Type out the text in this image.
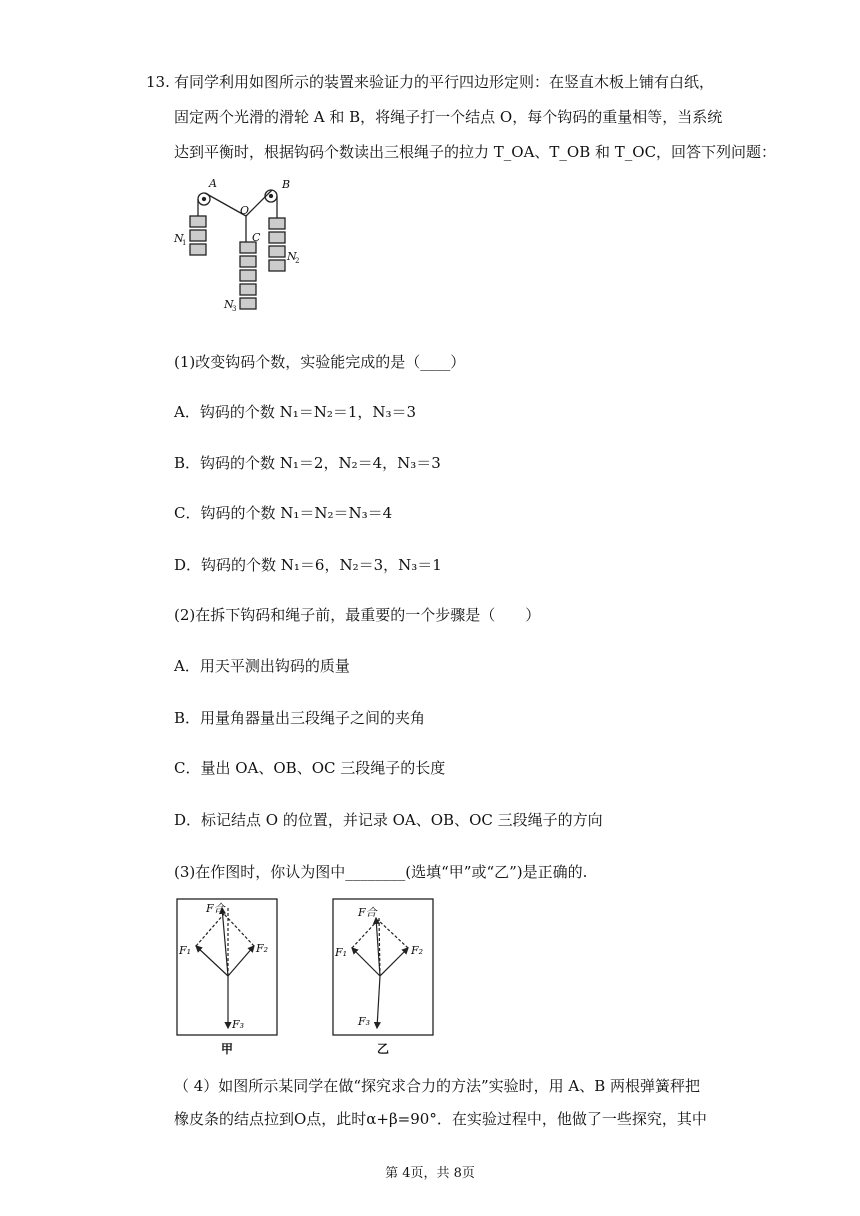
13. 有同学利用如图所示的装置来验证力的平行四边形定则：在竖直木板上铺有白纸，
固定两个光滑的滑轮 A 和 B，将绳子打一个结点 O，每个钩码的重量相等，当系统
达到平衡时，根据钩码个数读出三根绳子的拉力 T_OA、T_OB 和 T_OC，回答下列问题：
A	B
O
C
N
1
N
2
N
3
(1)改变钩码个数，实验能完成的是（____）
A．钩码的个数 N₁＝N₂＝1，N₃＝3
B．钩码的个数 N₁＝2，N₂＝4，N₃＝3
C．钩码的个数 N₁＝N₂＝N₃＝4
D．钩码的个数 N₁＝6，N₂＝3，N₃＝1
(2)在拆下钩码和绳子前，最重要的一个步骤是（　　）
A．用天平测出钩码的质量
B．用量角器量出三段绳子之间的夹角
C．量出 OA、OB、OC 三段绳子的长度
D．标记结点 O 的位置，并记录 OA、OB、OC 三段绳子的方向
(3)在作图时，你认为图中________(选填“甲”或“乙”)是正确的.
F合
F₁	F₂
F₃
甲
F合
F₁	F₂
F₃
乙
（ 4）如图所示某同学在做“探究求合力的方法”实验时，用 A、B 两根弹簧秤把
橡皮条的结点拉到O点，此时α+β=90°．在实验过程中，他做了一些探究，其中
第 4页，共 8页
